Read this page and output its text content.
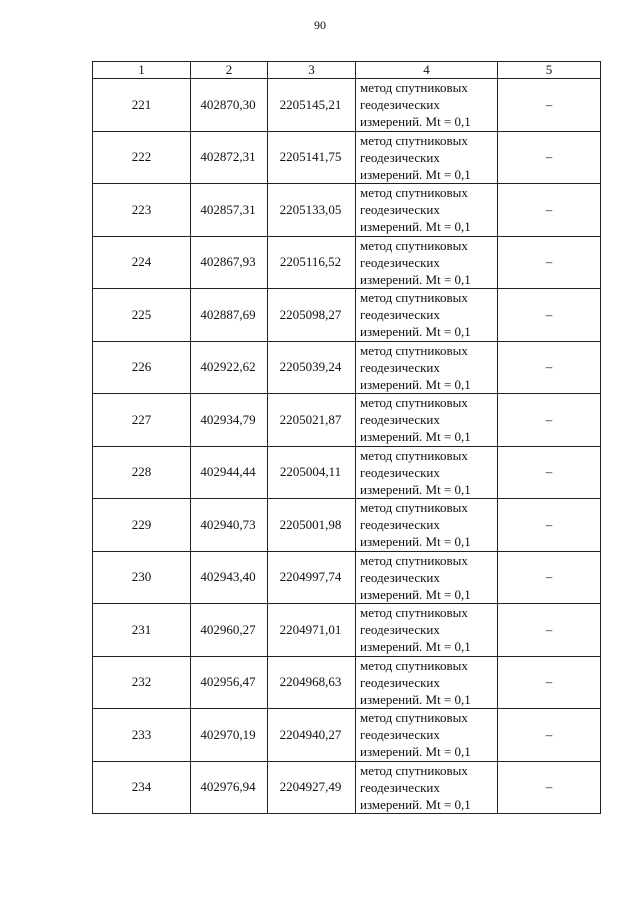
90
1	2	3	4	5
221	402870,30	2205145,21	метод спутниковых
геодезических
измерений. Mt = 0,1	–
222	402872,31	2205141,75	метод спутниковых
геодезических
измерений. Mt = 0,1	–
223	402857,31	2205133,05	метод спутниковых
геодезических
измерений. Mt = 0,1	–
224	402867,93	2205116,52	метод спутниковых
геодезических
измерений. Mt = 0,1	–
225	402887,69	2205098,27	метод спутниковых
геодезических
измерений. Mt = 0,1	–
226	402922,62	2205039,24	метод спутниковых
геодезических
измерений. Mt = 0,1	–
227	402934,79	2205021,87	метод спутниковых
геодезических
измерений. Mt = 0,1	–
228	402944,44	2205004,11	метод спутниковых
геодезических
измерений. Mt = 0,1	–
229	402940,73	2205001,98	метод спутниковых
геодезических
измерений. Mt = 0,1	–
230	402943,40	2204997,74	метод спутниковых
геодезических
измерений. Mt = 0,1	–
231	402960,27	2204971,01	метод спутниковых
геодезических
измерений. Mt = 0,1	–
232	402956,47	2204968,63	метод спутниковых
геодезических
измерений. Mt = 0,1	–
233	402970,19	2204940,27	метод спутниковых
геодезических
измерений. Mt = 0,1	–
234	402976,94	2204927,49	метод спутниковых
геодезических
измерений. Mt = 0,1	–
